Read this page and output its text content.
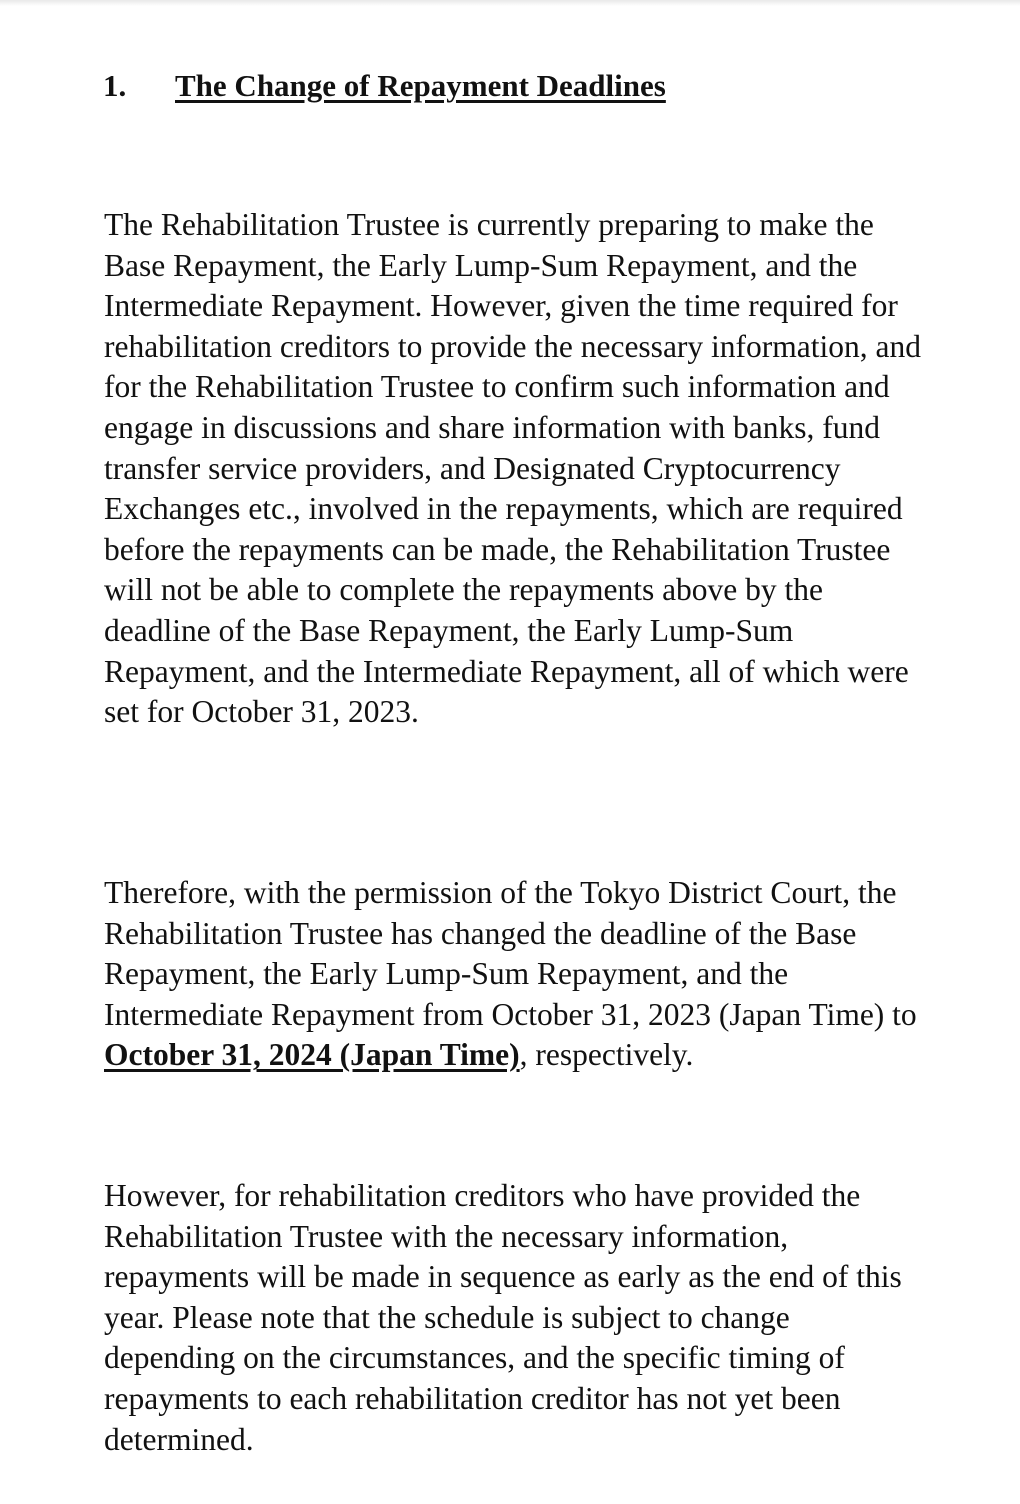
1. The Change of Repayment Deadlines

The Rehabilitation Trustee is currently preparing to make the Base Repayment, the Early Lump-Sum Repayment, and the Intermediate Repayment. However, given the time required for rehabilitation creditors to provide the necessary information, and for the Rehabilitation Trustee to confirm such information and engage in discussions and share information with banks, fund transfer service providers, and Designated Cryptocurrency Exchanges etc., involved in the repayments, which are required before the repayments can be made, the Rehabilitation Trustee will not be able to complete the repayments above by the deadline of the Base Repayment, the Early Lump-Sum Repayment, and the Intermediate Repayment, all of which were set for October 31, 2023.

Therefore, with the permission of the Tokyo District Court, the Rehabilitation Trustee has changed the deadline of the Base Repayment, the Early Lump-Sum Repayment, and the Intermediate Repayment from October 31, 2023 (Japan Time) to October 31, 2024 (Japan Time), respectively.

However, for rehabilitation creditors who have provided the Rehabilitation Trustee with the necessary information, repayments will be made in sequence as early as the end of this year. Please note that the schedule is subject to change depending on the circumstances, and the specific timing of repayments to each rehabilitation creditor has not yet been determined.
